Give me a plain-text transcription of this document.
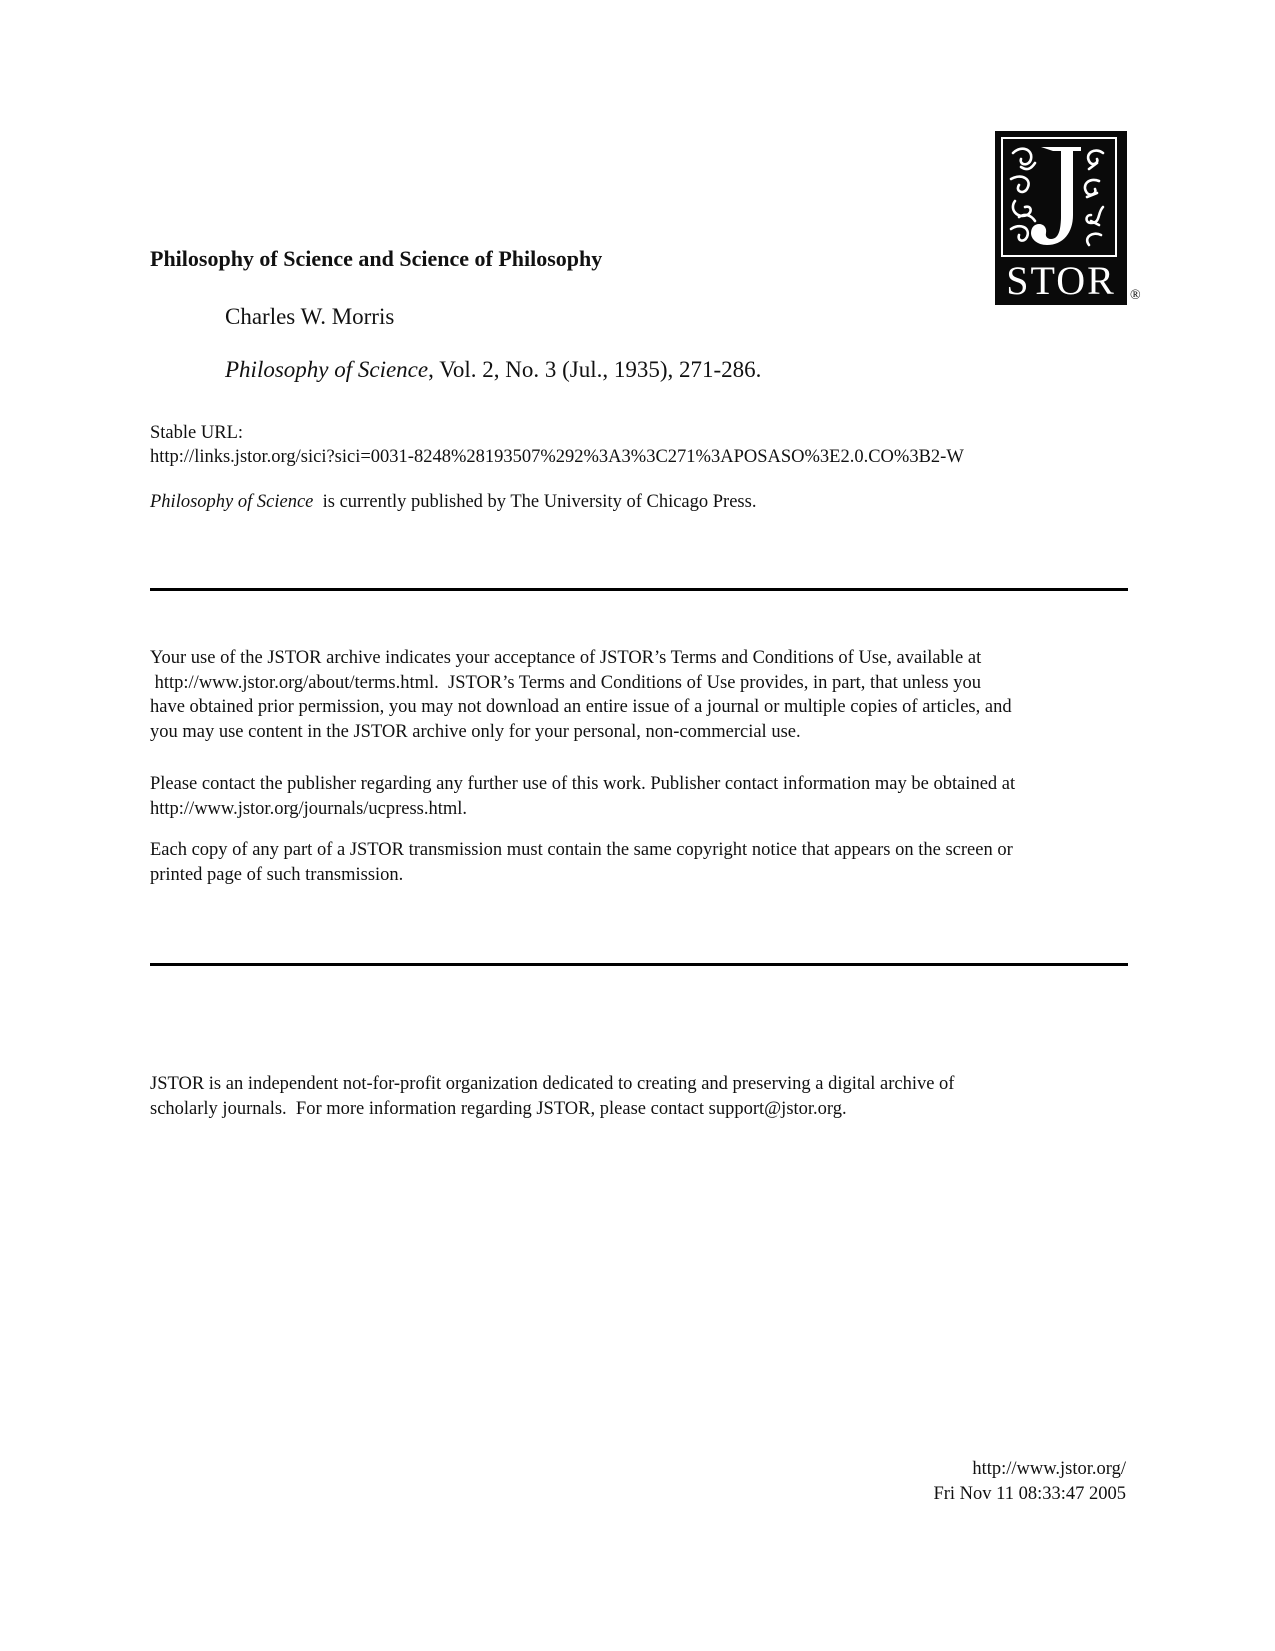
Philosophy of Science and Science of Philosophy	STOR	®
Charles W. Morris
Philosophy of Science, Vol. 2, No. 3 (Jul., 1935), 271-286.
Stable URL:
http://links.jstor.org/sici?sici=0031-8248%28193507%292%3A3%3C271%3APOSASO%3E2.0.CO%3B2-W
Philosophy of Science  is currently published by The University of Chicago Press.
Your use of the JSTOR archive indicates your acceptance of JSTOR’s Terms and Conditions of Use, available at
http://www.jstor.org/about/terms.html.  JSTOR’s Terms and Conditions of Use provides, in part, that unless you
have obtained prior permission, you may not download an entire issue of a journal or multiple copies of articles, and
you may use content in the JSTOR archive only for your personal, non-commercial use.
Please contact the publisher regarding any further use of this work. Publisher contact information may be obtained at
http://www.jstor.org/journals/ucpress.html.
Each copy of any part of a JSTOR transmission must contain the same copyright notice that appears on the screen or
printed page of such transmission.
JSTOR is an independent not-for-profit organization dedicated to creating and preserving a digital archive of
scholarly journals.  For more information regarding JSTOR, please contact support@jstor.org.
http://www.jstor.org/
Fri Nov 11 08:33:47 2005
